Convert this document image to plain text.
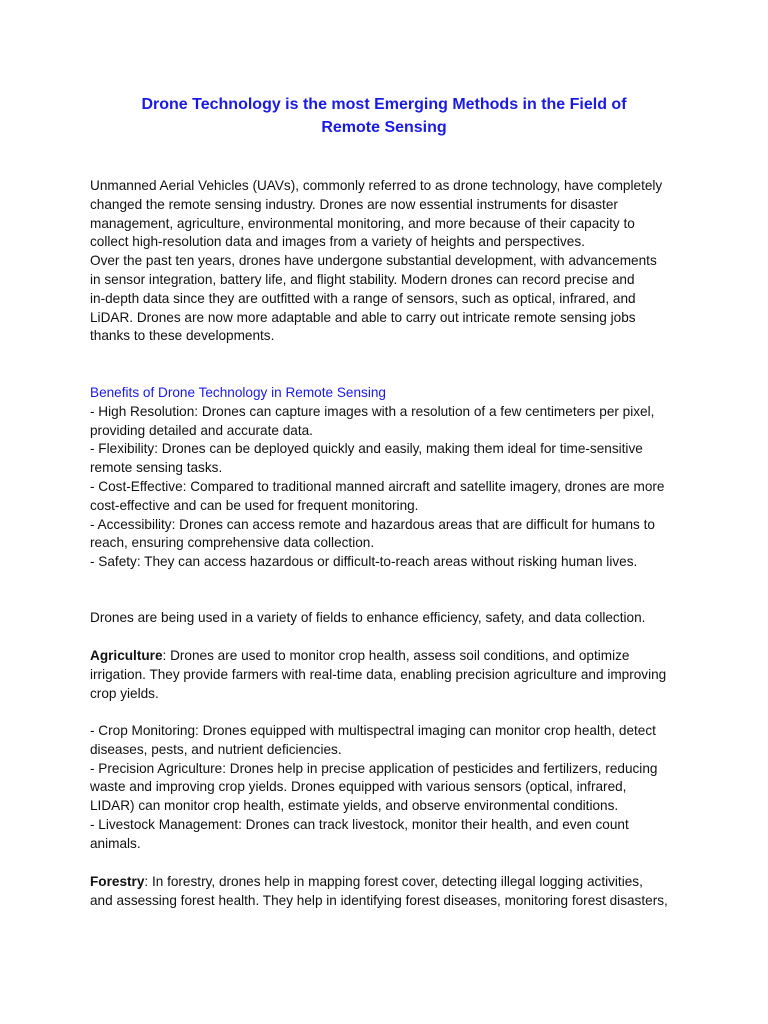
Drone Technology is the most Emerging Methods in the Field of
Remote Sensing
Unmanned Aerial Vehicles (UAVs), commonly referred to as drone technology, have completely
changed the remote sensing industry. Drones are now essential instruments for disaster
management, agriculture, environmental monitoring, and more because of their capacity to
collect high-resolution data and images from a variety of heights and perspectives.
Over the past ten years, drones have undergone substantial development, with advancements
in sensor integration, battery life, and flight stability. Modern drones can record precise and
in-depth data since they are outfitted with a range of sensors, such as optical, infrared, and
LiDAR. Drones are now more adaptable and able to carry out intricate remote sensing jobs
thanks to these developments.
Benefits of Drone Technology in Remote Sensing
- High Resolution: Drones can capture images with a resolution of a few centimeters per pixel,
providing detailed and accurate data.
- Flexibility: Drones can be deployed quickly and easily, making them ideal for time-sensitive
remote sensing tasks.
- Cost-Effective: Compared to traditional manned aircraft and satellite imagery, drones are more
cost-effective and can be used for frequent monitoring.
- Accessibility: Drones can access remote and hazardous areas that are difficult for humans to
reach, ensuring comprehensive data collection.
- Safety: They can access hazardous or difficult-to-reach areas without risking human lives.
Drones are being used in a variety of fields to enhance efficiency, safety, and data collection.
Agriculture: Drones are used to monitor crop health, assess soil conditions, and optimize
irrigation. They provide farmers with real-time data, enabling precision agriculture and improving
crop yields.
- Crop Monitoring: Drones equipped with multispectral imaging can monitor crop health, detect
diseases, pests, and nutrient deficiencies.
- Precision Agriculture: Drones help in precise application of pesticides and fertilizers, reducing
waste and improving crop yields. Drones equipped with various sensors (optical, infrared,
LIDAR) can monitor crop health, estimate yields, and observe environmental conditions.
- Livestock Management: Drones can track livestock, monitor their health, and even count
animals.
Forestry: In forestry, drones help in mapping forest cover, detecting illegal logging activities,
and assessing forest health. They help in identifying forest diseases, monitoring forest disasters,
